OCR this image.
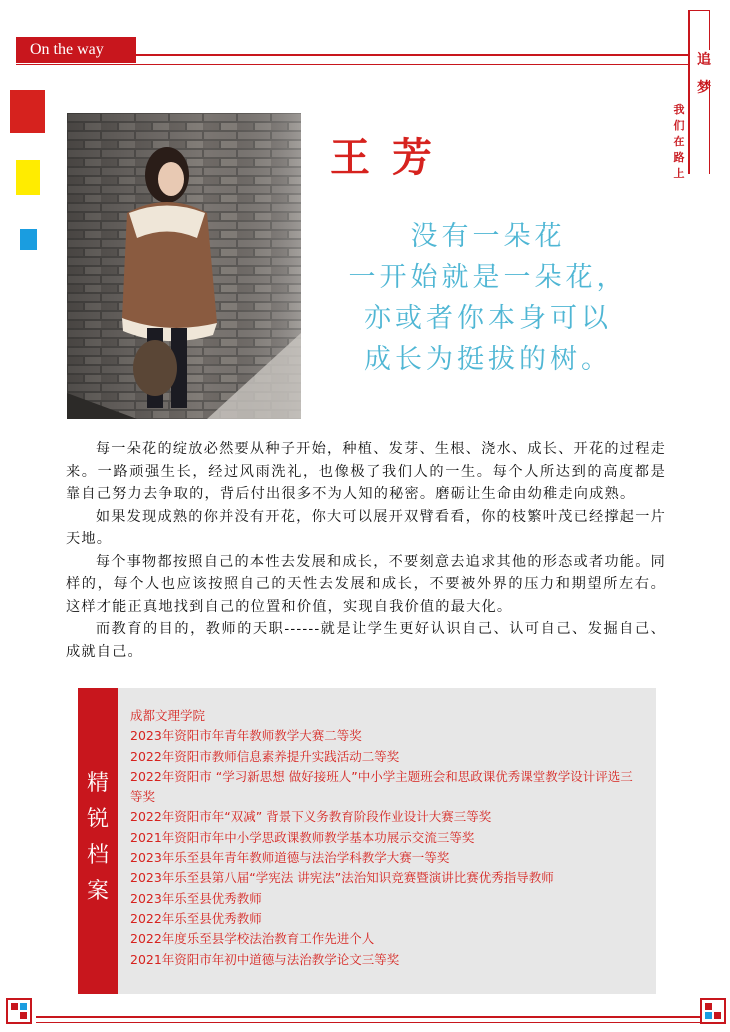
On the way
追
梦
我
们
在
路
上
王芳
没有一朵花
一开始就是一朵花，
亦或者你本身可以
成长为挺拔的树。

每一朵花的绽放必然要从种子开始，种植、发芽、生根、浇水、成长、开花的过程走来。一路顽强生长，经过风雨洗礼，也像极了我们人的一生。每个人所达到的高度都是靠自己努力去争取的，背后付出很多不为人知的秘密。磨砺让生命由幼稚走向成熟。

如果发现成熟的你并没有开花，你大可以展开双臂看看，你的枝繁叶茂已经撑起一片天地。

每个事物都按照自己的本性去发展和成长，不要刻意去追求其他的形态或者功能。同样的，每个人也应该按照自己的天性去发展和成长，不要被外界的压力和期望所左右。这样才能正真地找到自己的位置和价值，实现自我价值的最大化。

而教育的目的，教师的天职------就是让学生更好认识自己、认可自己、发掘自己、成就自己。

精
锐
档
案
成都文理学院
2023年资阳市年青年教师教学大赛二等奖
2022年资阳市教师信息素养提升实践活动二等奖
2022年资阳市 “学习新思想 做好接班人”中小学主题班会和思政课优秀课堂教学设计评选三等奖
2022年资阳市年“双减” 背景下义务教育阶段作业设计大赛三等奖
2021年资阳市年中小学思政课教师教学基本功展示交流三等奖
2023年乐至县年青年教师道德与法治学科教学大赛一等奖
2023年乐至县第八届“学宪法 讲宪法”法治知识竞赛暨演讲比赛优秀指导教师
2023年乐至县优秀教师
2022年乐至县优秀教师
2022年度乐至县学校法治教育工作先进个人
2021年资阳市年初中道德与法治教学论文三等奖
